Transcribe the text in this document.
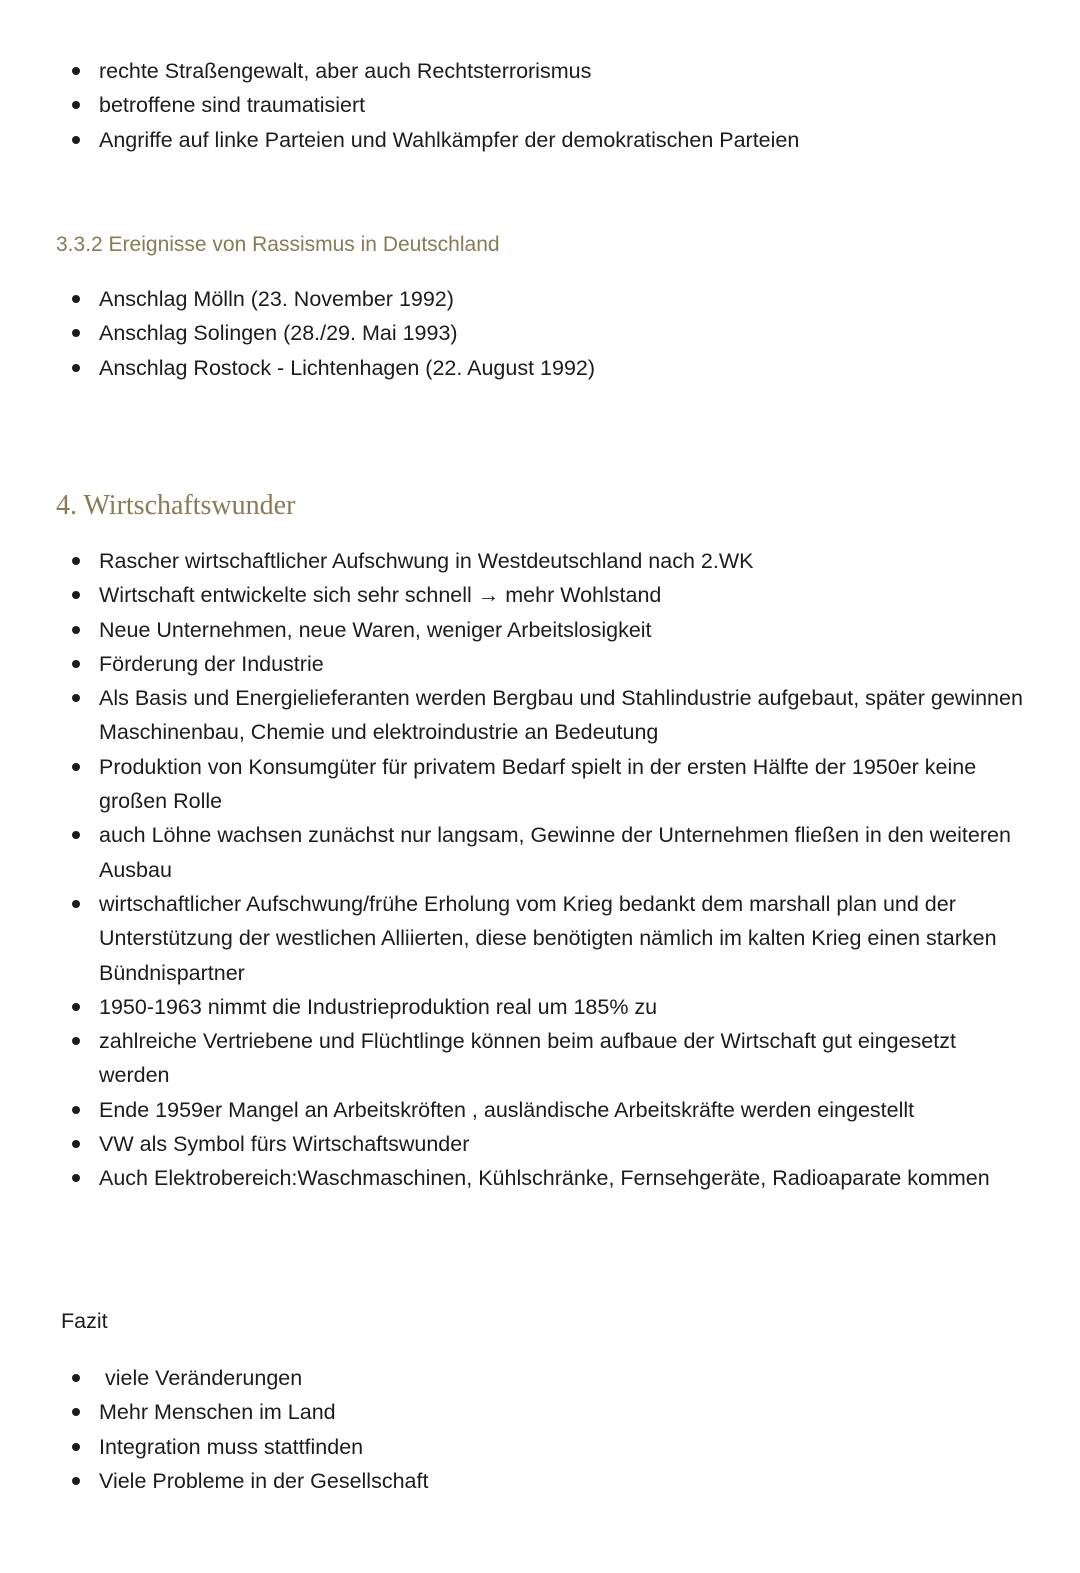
rechte Straßengewalt, aber auch Rechtsterrorismus
betroffene sind traumatisiert
Angriffe auf linke Parteien und Wahlkämpfer der demokratischen Parteien
3.3.2 Ereignisse von Rassismus in Deutschland
Anschlag Mölln (23. November 1992)
Anschlag Solingen (28./29. Mai 1993)
Anschlag Rostock - Lichtenhagen (22. August 1992)
4. Wirtschaftswunder
Rascher wirtschaftlicher Aufschwung in Westdeutschland nach 2.WK
Wirtschaft entwickelte sich sehr schnell → mehr Wohlstand
Neue Unternehmen, neue Waren, weniger Arbeitslosigkeit
Förderung der Industrie
Als Basis und Energielieferanten werden Bergbau und Stahlindustrie aufgebaut, später gewinnen Maschinenbau, Chemie und elektroindustrie an Bedeutung
Produktion von Konsumgüter für privatem Bedarf spielt in der ersten Hälfte der 1950er keine großen Rolle
auch Löhne wachsen zunächst nur langsam, Gewinne der Unternehmen fließen in den weiteren Ausbau
wirtschaftlicher Aufschwung/frühe Erholung vom Krieg bedankt dem marshall plan und der Unterstützung der westlichen Alliierten, diese benötigten nämlich im kalten Krieg einen starken Bündnispartner
1950-1963 nimmt die Industrieproduktion real um 185% zu
zahlreiche Vertriebene und Flüchtlinge können beim aufbaue der Wirtschaft gut eingesetzt werden
Ende 1959er Mangel an Arbeitskröften , ausländische Arbeitskräfte werden eingestellt
VW als Symbol fürs Wirtschaftswunder
Auch Elektrobereich:Waschmaschinen, Kühlschränke, Fernsehgeräte, Radioaparate kommen
Fazit
viele Veränderungen
Mehr Menschen im Land
Integration muss stattfinden
Viele Probleme in der Gesellschaft
